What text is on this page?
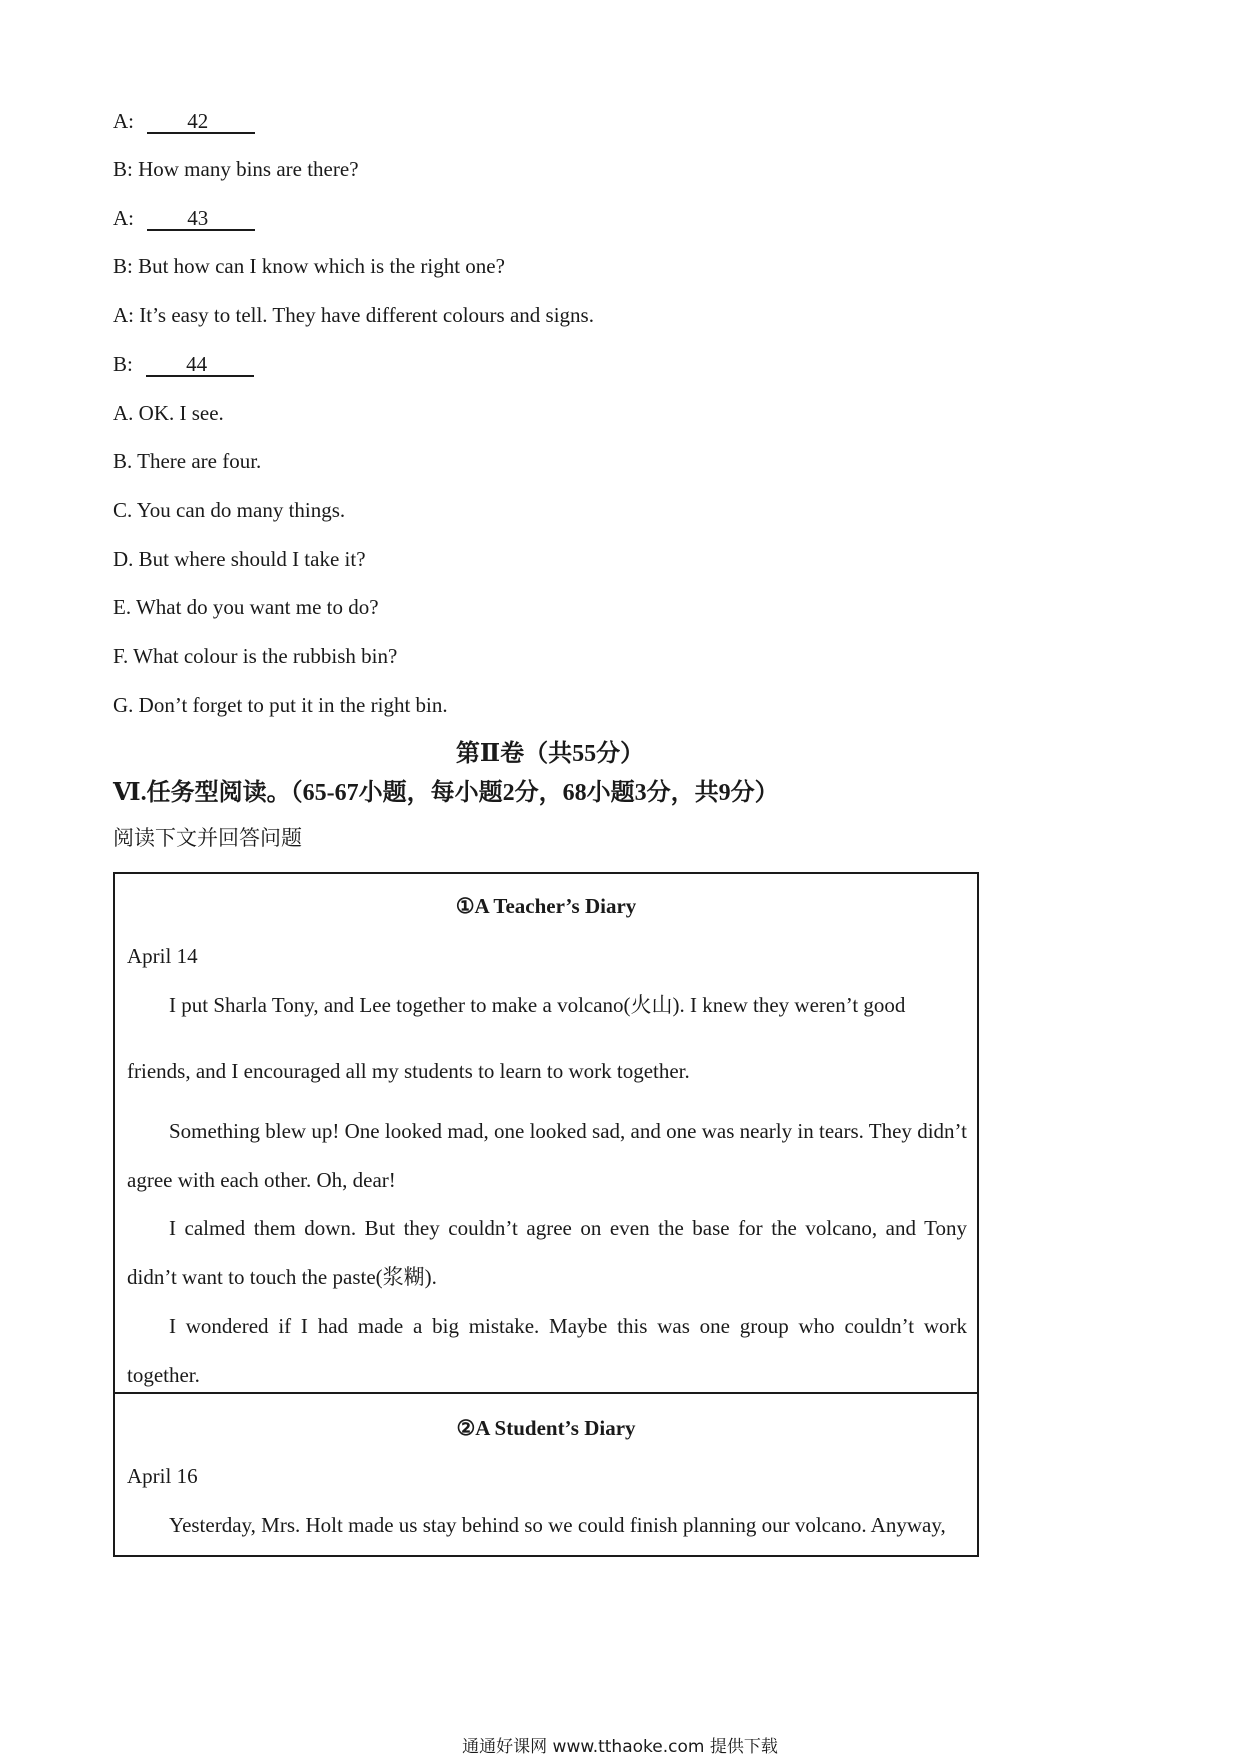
A:	42
B: How many bins are there?
A:	43
B: But how can I know which is the right one?
A: It’s easy to tell. They have different colours and signs.
B:	44
A. OK. I see.
B. There are four.
C. You can do many things.
D. But where should I take it?
E. What do you want me to do?
F. What colour is the rubbish bin?
G. Don’t forget to put it in the right bin.
第Ⅱ卷（共55分）
Ⅵ.任务型阅读。（65-67小题，每小题2分，68小题3分，共9分）
阅读下文并回答问题
①A Teacher’s Diary
April 14
I put Sharla Tony, and Lee together to make a volcano(火山). I knew they weren’t good
friends, and I encouraged all my students to learn to work together.
Something blew up! One looked mad, one looked sad, and one was nearly in tears. They didn’t agree with each other. Oh, dear!
I calmed them down. But they couldn’t agree on even the base for the volcano, and Tony didn’t want to touch the paste(浆糊).
I wondered if I had made a big mistake. Maybe this was one group who couldn’t work together.
②A Student’s Diary
April 16
Yesterday, Mrs. Holt made us stay behind so we could finish planning our volcano. Anyway,
通通好课网 www.tthaoke.com 提供下载
